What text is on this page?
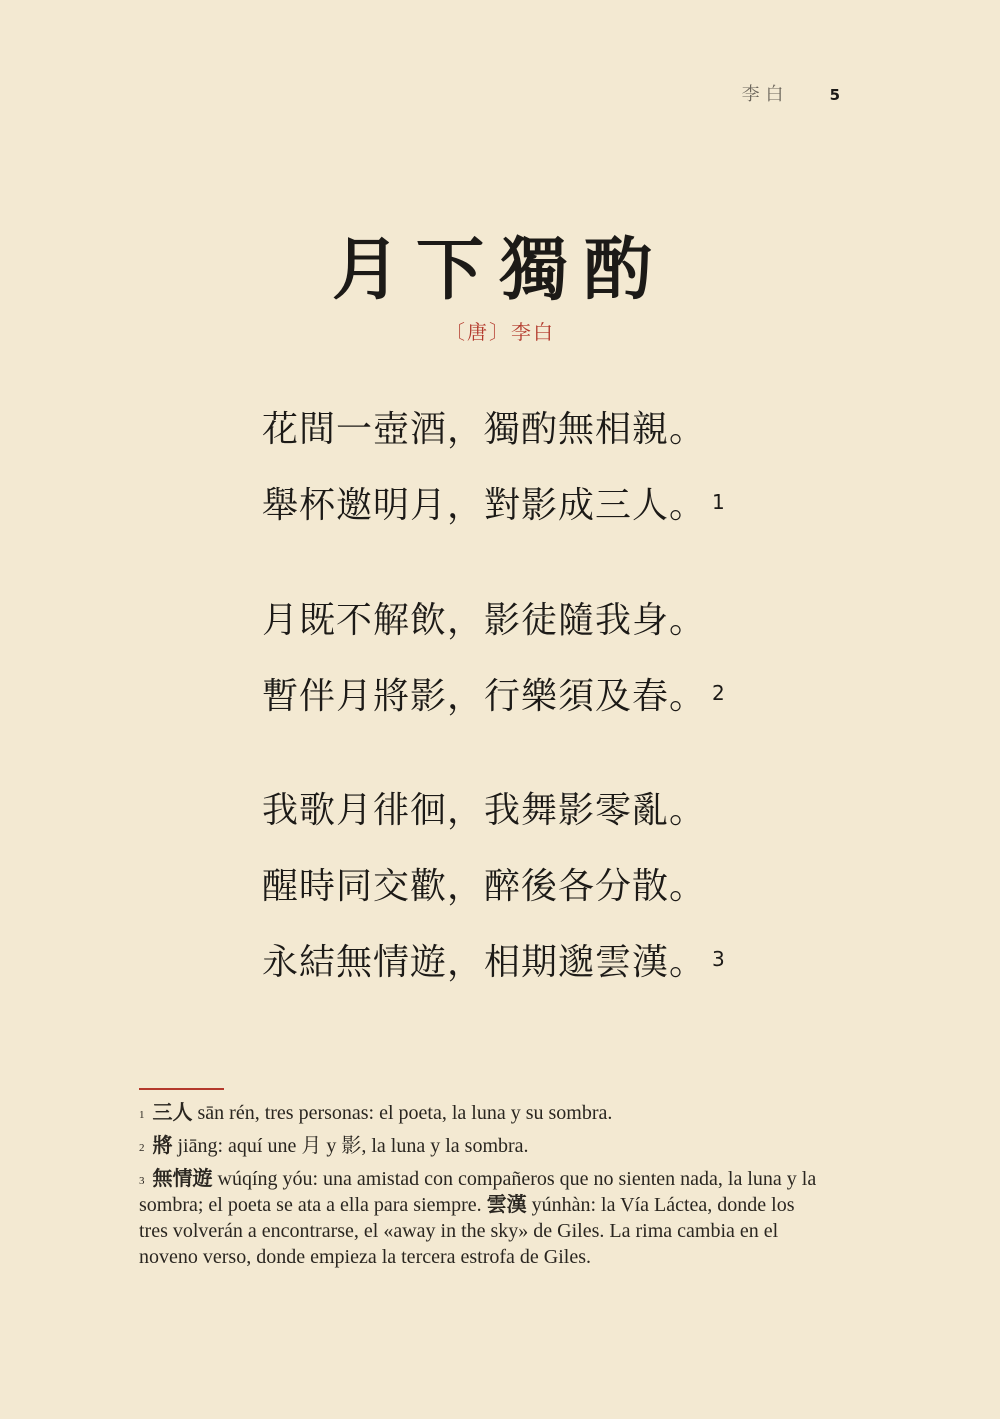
李白	5
月下獨酌
〔唐〕李白
花間一壺酒，獨酌無相親。
舉杯邀明月，對影成三人。 $^1$
月既不解飲，影徒隨我身。
暫伴月將影，行樂須及春。 $^2$
我歌月徘徊，我舞影零亂。
醒時同交歡，醉後各分散。
永結無情遊，相期邈雲漢。 $^3$

$^1$ 三人 sān rén, tres personas: el poeta, la luna y su sombra.

$^2$ 將 jiāng: aquí une 月 y 影, la luna y la sombra.

$^3$ 無情遊 wúqíng yóu: una amistad con compañeros que no sienten nada, la luna y la sombra; el poeta se ata a ella para siempre. 雲漢 yúnhàn: la Vía Láctea, donde los tres volverán a encontrarse, el «away in the sky» de Giles. La rima cambia en el noveno verso, donde empieza la tercera estrofa de Giles.
